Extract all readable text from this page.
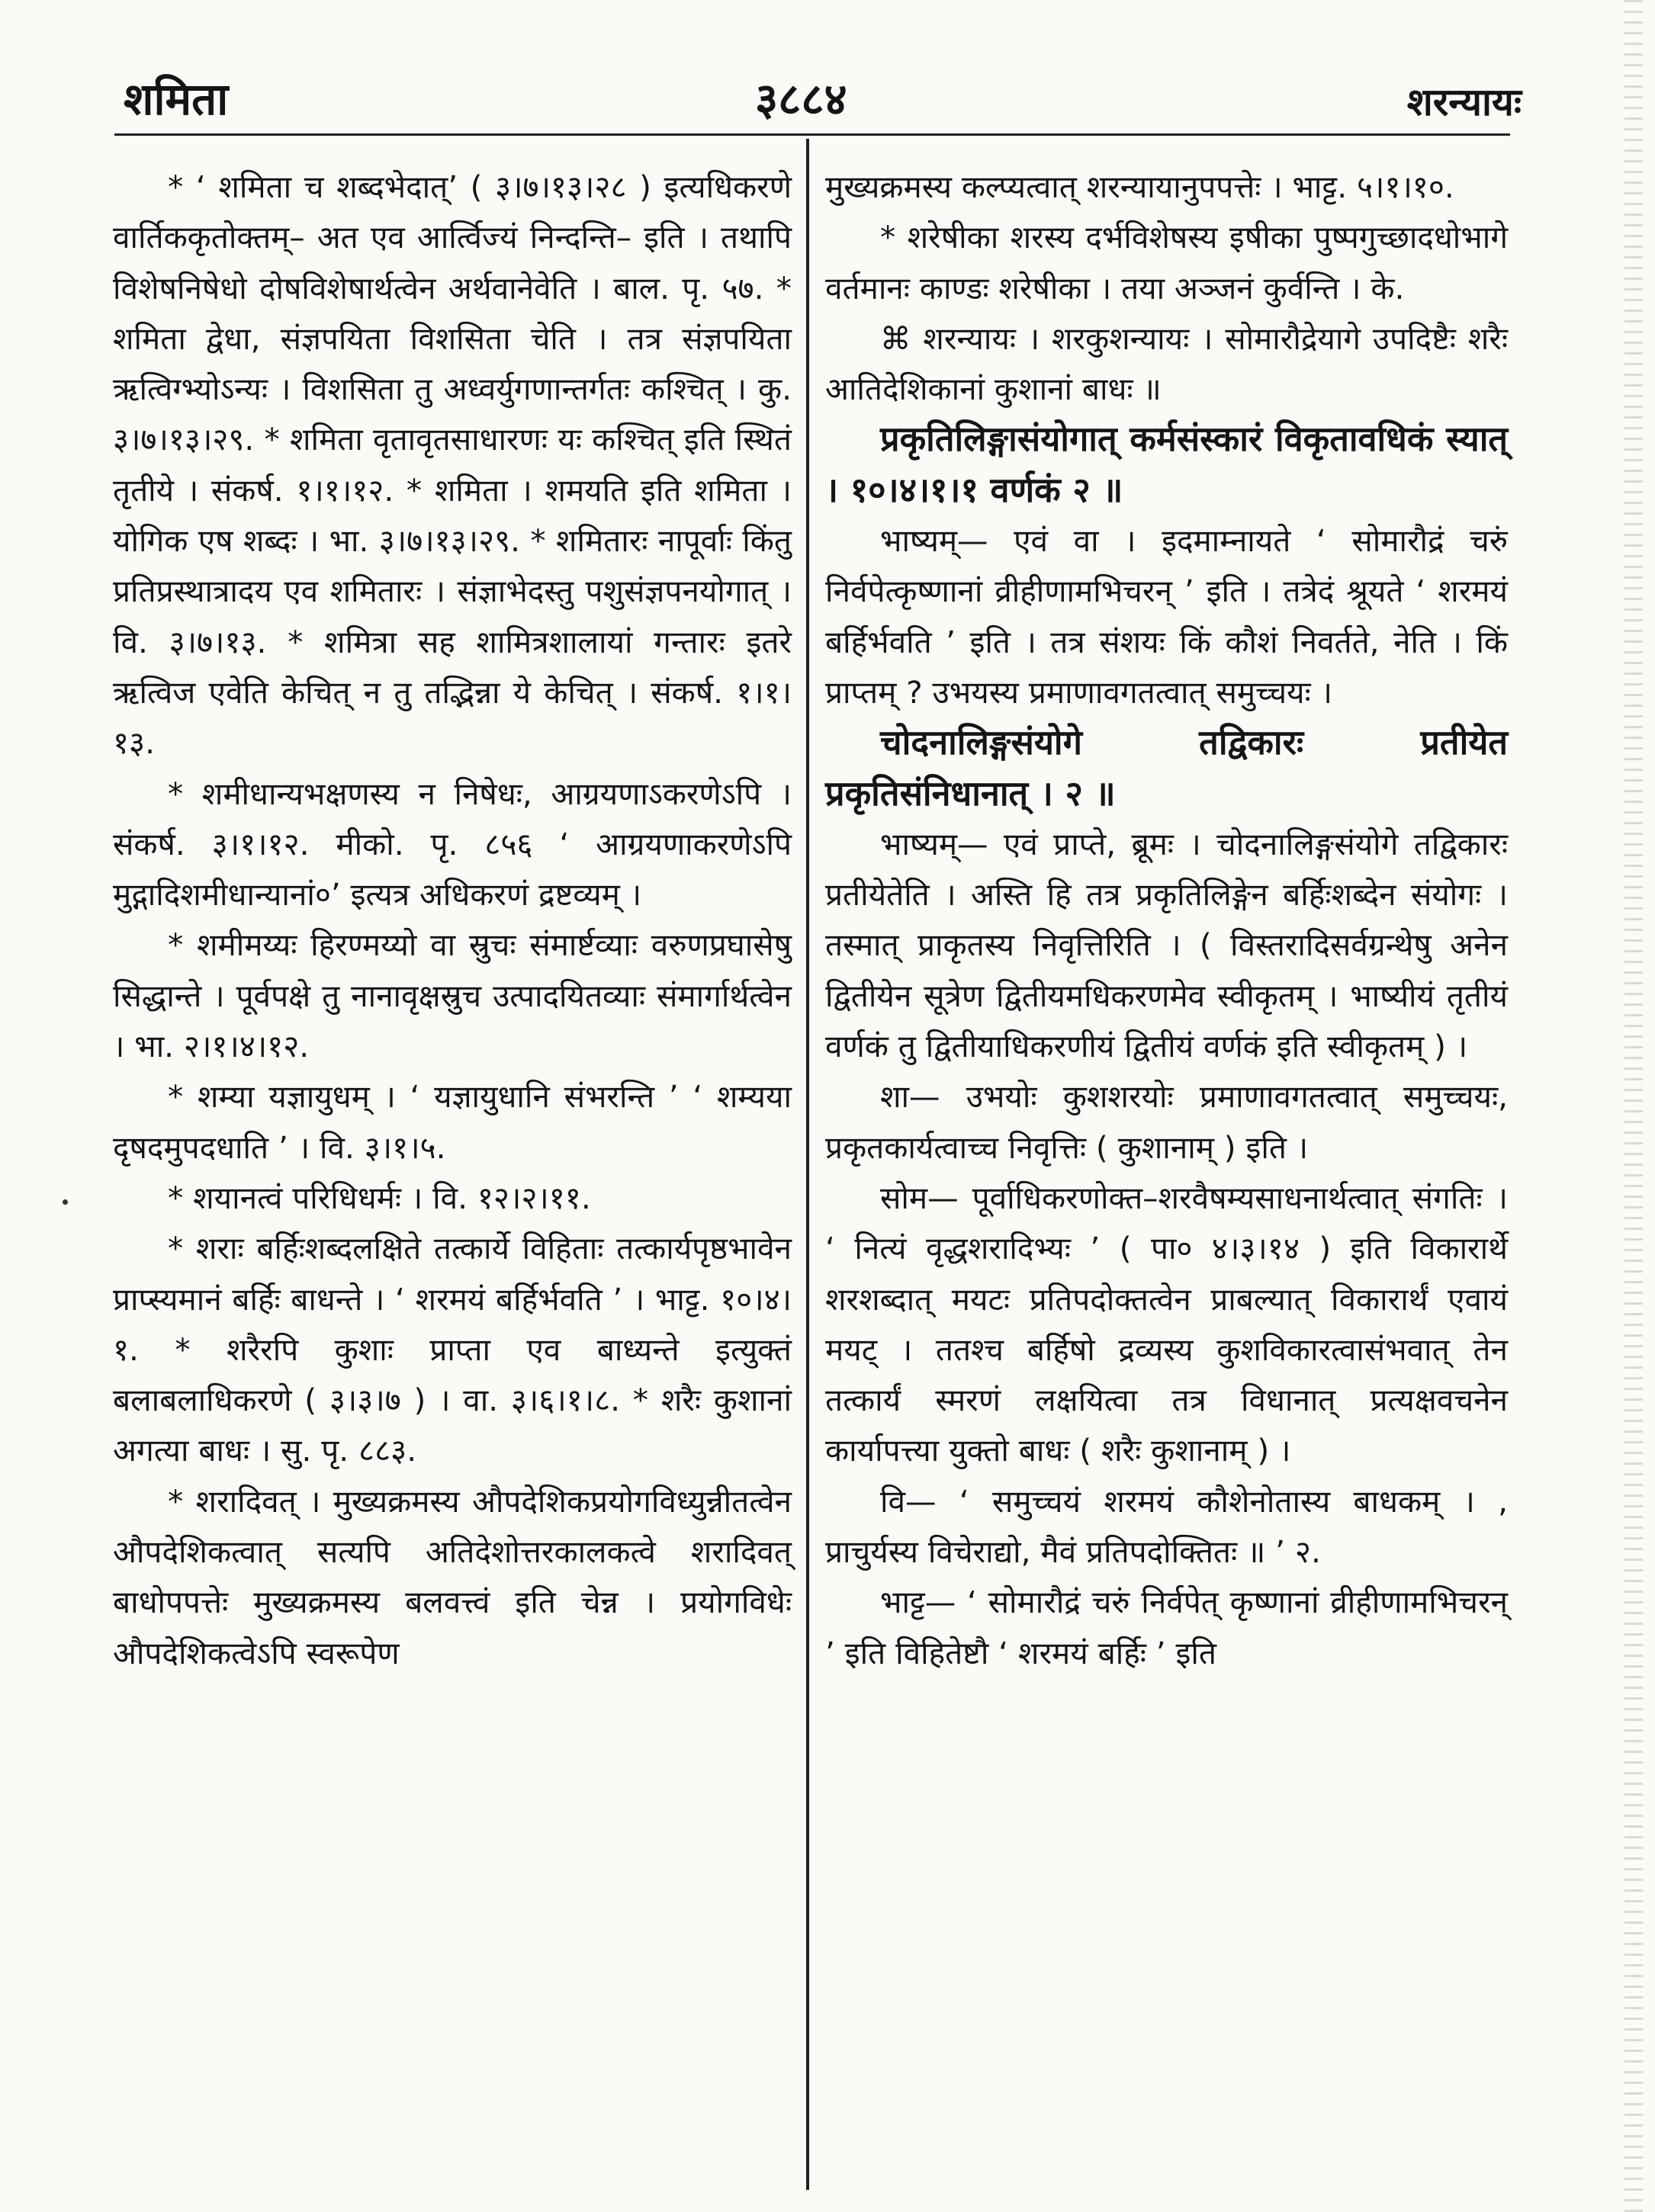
शमिता	३८८४	शरन्यायः

* ‘ शमिता च शब्दभेदात्’ ( ३।७।१३।२८ ) इत्यधिकरणे वार्तिककृतोक्तम्– अत एव आर्त्विज्यं निन्दन्ति– इति । तथापि विशेषनिषेधो दोषविशेषार्थत्वेन अर्थवानेवेति । बाल. पृ. ५७. * शमिता द्वेधा, संज्ञपयिता विशसिता चेति । तत्र संज्ञपयिता ऋत्विग्भ्योऽन्यः । विशसिता तु अध्वर्युगणान्तर्गतः कश्चित् । कु. ३।७।१३।२९. * शमिता वृतावृतसाधारणः यः कश्चित् इति स्थितं तृतीये । संकर्ष. १।१।१२. * शमिता । शमयति इति शमिता । योगिक एष शब्दः । भा. ३।७।१३।२९. * शमितारः नापूर्वाः किंतु प्रतिप्रस्थात्रादय एव शमितारः । संज्ञाभेदस्तु पशुसंज्ञपनयोगात् । वि. ३।७।१३. * शमित्रा सह शामित्रशालायां गन्तारः इतरे ऋत्विज एवेति केचित् न तु तद्भिन्ना ये केचित् । संकर्ष. १।१।१३.

* शमीधान्यभक्षणस्य न निषेधः, आग्रयणाऽकरणेऽपि । संकर्ष. ३।१।१२. मीको. पृ. ८५६ ‘ आग्रयणाकरणेऽपि मुद्गादिशमीधान्यानां०’ इत्यत्र अधिकरणं द्रष्टव्यम् ।

* शमीमय्यः हिरण्मय्यो वा स्रुचः संमार्ष्टव्याः वरुणप्रघासेषु सिद्धान्ते । पूर्वपक्षे तु नानावृक्षस्रुच उत्पादयितव्याः संमार्गार्थत्वेन । भा. २।१।४।१२.

* शम्या यज्ञायुधम् । ‘ यज्ञायुधानि संभरन्ति ’ ‘ शम्यया दृषदमुपदधाति ’ । वि. ३।१।५.

* शयानत्वं परिधिधर्मः । वि. १२।२।११.

* शराः बर्हिःशब्दलक्षिते तत्कार्ये विहिताः तत्कार्यपृष्ठभावेन प्राप्स्यमानं बर्हिः बाधन्ते । ‘ शरमयं बर्हिर्भवति ’ । भाट्ट. १०।४।१. * शरैरपि कुशाः प्राप्ता एव बाध्यन्ते इत्युक्तं बलाबलाधिकरणे ( ३।३।७ ) । वा. ३।६।१।८. * शरैः कुशानां अगत्या बाधः । सु. पृ. ८८३.

* शरादिवत् । मुख्यक्रमस्य औपदेशिकप्रयोगविध्युन्नीतत्वेन औपदेशिकत्वात् सत्यपि अतिदेशोत्तरकालकत्वे शरादिवत् बाधोपपत्तेः मुख्यक्रमस्य बलवत्त्वं इति चेन्न । प्रयोगविधेः औपदेशिकत्वेऽपि स्वरूपेण

मुख्यक्रमस्य कल्प्यत्वात् शरन्यायानुपपत्तेः । भाट्ट. ५।१।१०.

* शरेषीका शरस्य दर्भविशेषस्य इषीका पुष्पगुच्छादधोभागे वर्तमानः काण्डः शरेषीका । तया अञ्जनं कुर्वन्ति । के.

⌘ शरन्यायः । शरकुशन्यायः । सोमारौद्रेयागे उपदिष्टैः शरैः आतिदेशिकानां कुशानां बाधः ॥

प्रकृतिलिङ्गासंयोगात् कर्मसंस्कारं विकृतावधिकं स्यात् । १०।४।१।१ वर्णकं २ ॥

भाष्यम्— एवं वा । इदमाम्नायते ‘ सोमारौद्रं चरुं निर्वपेत्कृष्णानां व्रीहीणामभिचरन् ’ इति । तत्रेदं श्रूयते ‘ शरमयं बर्हिर्भवति ’ इति । तत्र संशयः किं कौशं निवर्तते, नेति । किं प्राप्तम् ? उभयस्य प्रमाणावगतत्वात् समुच्चयः ।

चोदनालिङ्गसंयोगे तद्विकारः प्रतीयेत प्रकृतिसंनिधानात् । २ ॥

भाष्यम्— एवं प्राप्ते, ब्रूमः । चोदनालिङ्गसंयोगे तद्विकारः प्रतीयेतेति । अस्ति हि तत्र प्रकृतिलिङ्गेन बर्हिःशब्देन संयोगः । तस्मात् प्राकृतस्य निवृत्तिरिति । ( विस्तरादिसर्वग्रन्थेषु अनेन द्वितीयेन सूत्रेण द्वितीयमधिकरणमेव स्वीकृतम् । भाष्यीयं तृतीयं वर्णकं तु द्वितीयाधिकरणीयं द्वितीयं वर्णकं इति स्वीकृतम् ) ।

शा— उभयोः कुशशरयोः प्रमाणावगतत्वात् समुच्चयः, प्रकृतकार्यत्वाच्च निवृत्तिः ( कुशानाम् ) इति ।

सोम— पूर्वाधिकरणोक्त–शरवैषम्यसाधनार्थत्वात् संगतिः । ‘ नित्यं वृद्धशरादिभ्यः ’ ( पा० ४।३।१४ ) इति विकारार्थे शरशब्दात् मयटः प्रतिपदोक्तत्वेन प्राबल्यात् विकारार्थं एवायं मयट् । ततश्च बर्हिषो द्रव्यस्य कुशविकारत्वासंभवात् तेन तत्कार्यं स्मरणं लक्षयित्वा तत्र विधानात् प्रत्यक्षवचनेन कार्यापत्त्या युक्तो बाधः ( शरैः कुशानाम् ) ।

वि— ‘ समुच्चयं शरमयं कौशेनोतास्य बाधकम् । , प्राचुर्यस्य विचेराद्यो, मैवं प्रतिपदोक्तितः ॥ ’ २.

भाट्ट— ‘ सोमारौद्रं चरुं निर्वपेत् कृष्णानां व्रीहीणामभिचरन् ’ इति विहितेष्टौ ‘ शरमयं बर्हिः ’ इति
